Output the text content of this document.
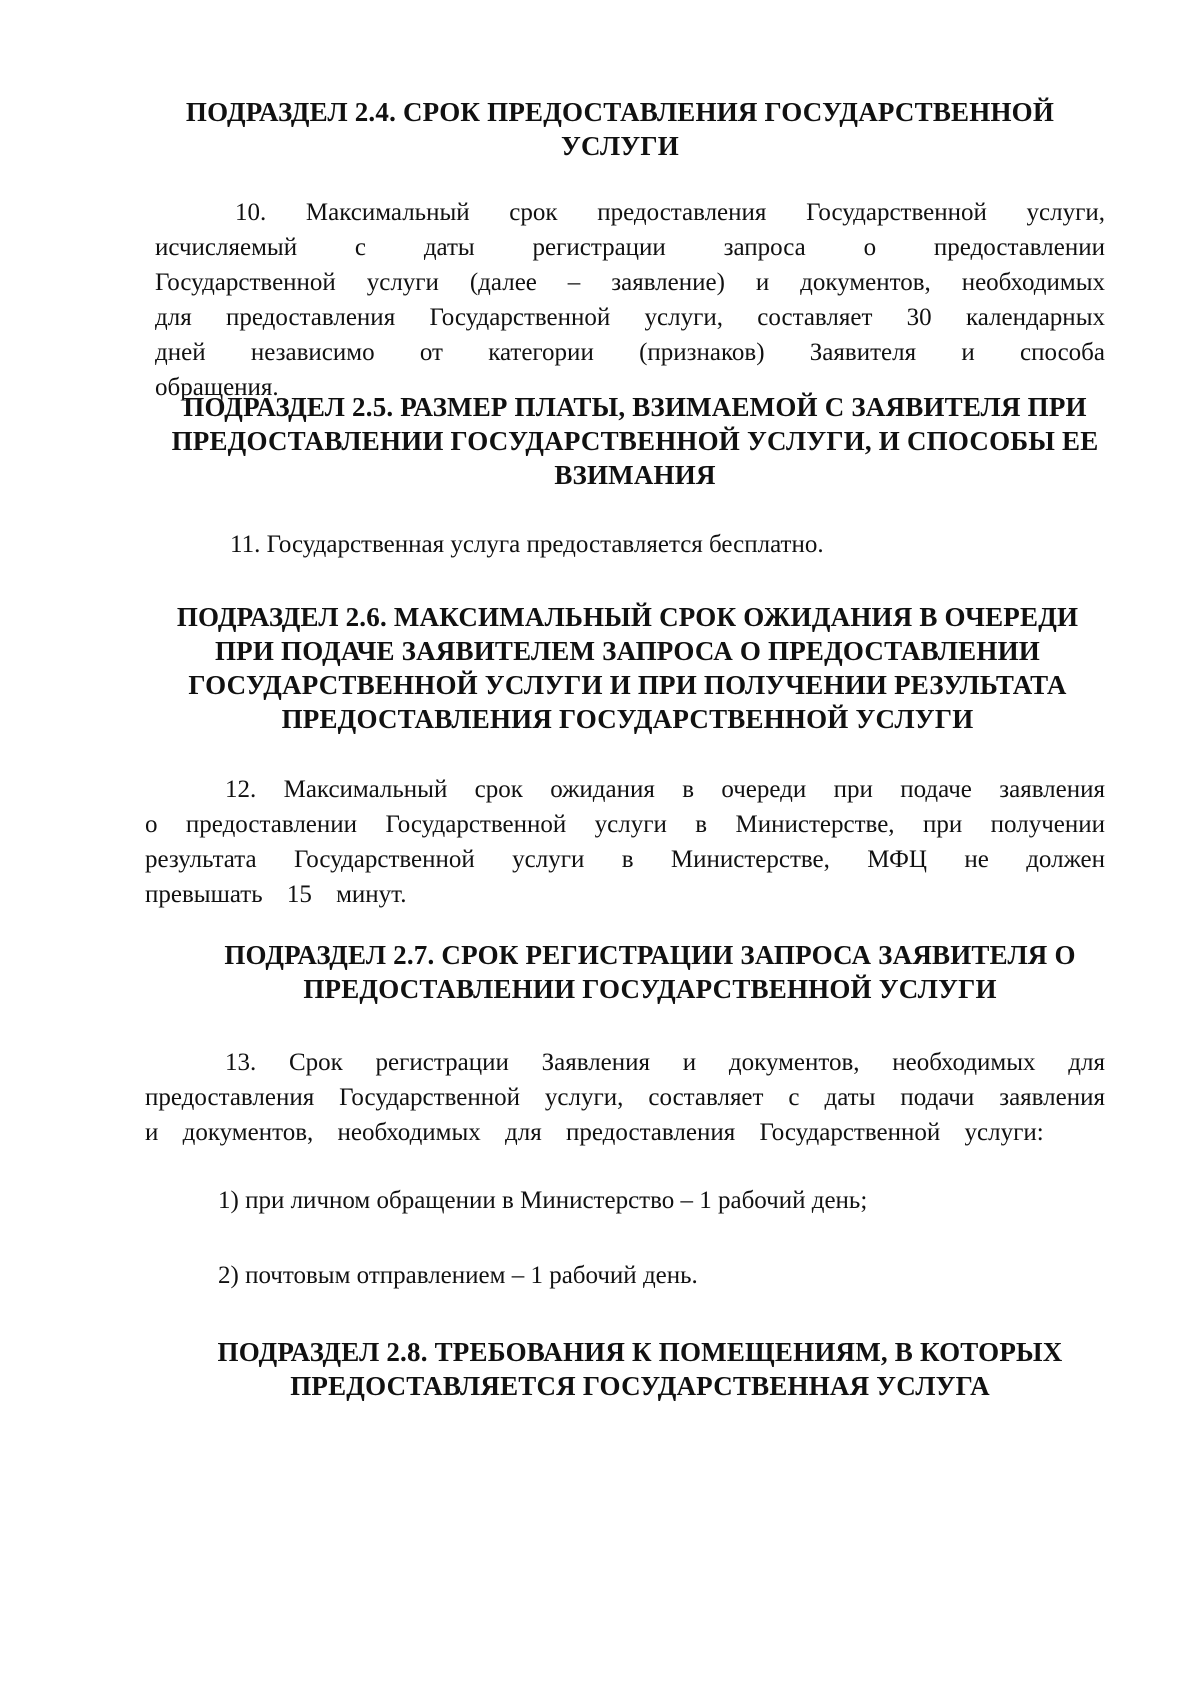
ПОДРАЗДЕЛ 2.4. СРОК ПРЕДОСТАВЛЕНИЯ ГОСУДАРСТВЕННОЙ УСЛУГИ

10. Максимальный срок предоставления Государственной услуги, исчисляемый с даты регистрации запроса о предоставлении Государственной услуги (далее – заявление) и документов, необходимых для предоставления Государственной услуги, составляет 30 календарных дней независимо от категории (признаков) Заявителя и способа обращения.

ПОДРАЗДЕЛ 2.5. РАЗМЕР ПЛАТЫ, ВЗИМАЕМОЙ С ЗАЯВИТЕЛЯ ПРИ ПРЕДОСТАВЛЕНИИ ГОСУДАРСТВЕННОЙ УСЛУГИ, И СПОСОБЫ ЕЕ ВЗИМАНИЯ

11. Государственная услуга предоставляется бесплатно.

ПОДРАЗДЕЛ 2.6. МАКСИМАЛЬНЫЙ СРОК ОЖИДАНИЯ В ОЧЕРЕДИ ПРИ ПОДАЧЕ ЗАЯВИТЕЛЕМ ЗАПРОСА О ПРЕДОСТАВЛЕНИИ ГОСУДАРСТВЕННОЙ УСЛУГИ И ПРИ ПОЛУЧЕНИИ РЕЗУЛЬТАТА ПРЕДОСТАВЛЕНИЯ ГОСУДАРСТВЕННОЙ УСЛУГИ

12. Максимальный срок ожидания в очереди при подаче заявления о предоставлении Государственной услуги в Министерстве, при получении результата Государственной услуги в Министерстве, МФЦ не должен превышать 15 минут.

ПОДРАЗДЕЛ 2.7. СРОК РЕГИСТРАЦИИ ЗАПРОСА ЗАЯВИТЕЛЯ О ПРЕДОСТАВЛЕНИИ ГОСУДАРСТВЕННОЙ УСЛУГИ

13. Срок регистрации Заявления и документов, необходимых для предоставления Государственной услуги, составляет с даты подачи заявления и документов, необходимых для предоставления Государственной услуги:

1) при личном обращении в Министерство – 1 рабочий день;

2) почтовым отправлением – 1 рабочий день.

ПОДРАЗДЕЛ 2.8. ТРЕБОВАНИЯ К ПОМЕЩЕНИЯМ, В КОТОРЫХ ПРЕДОСТАВЛЯЕТСЯ ГОСУДАРСТВЕННАЯ УСЛУГА
